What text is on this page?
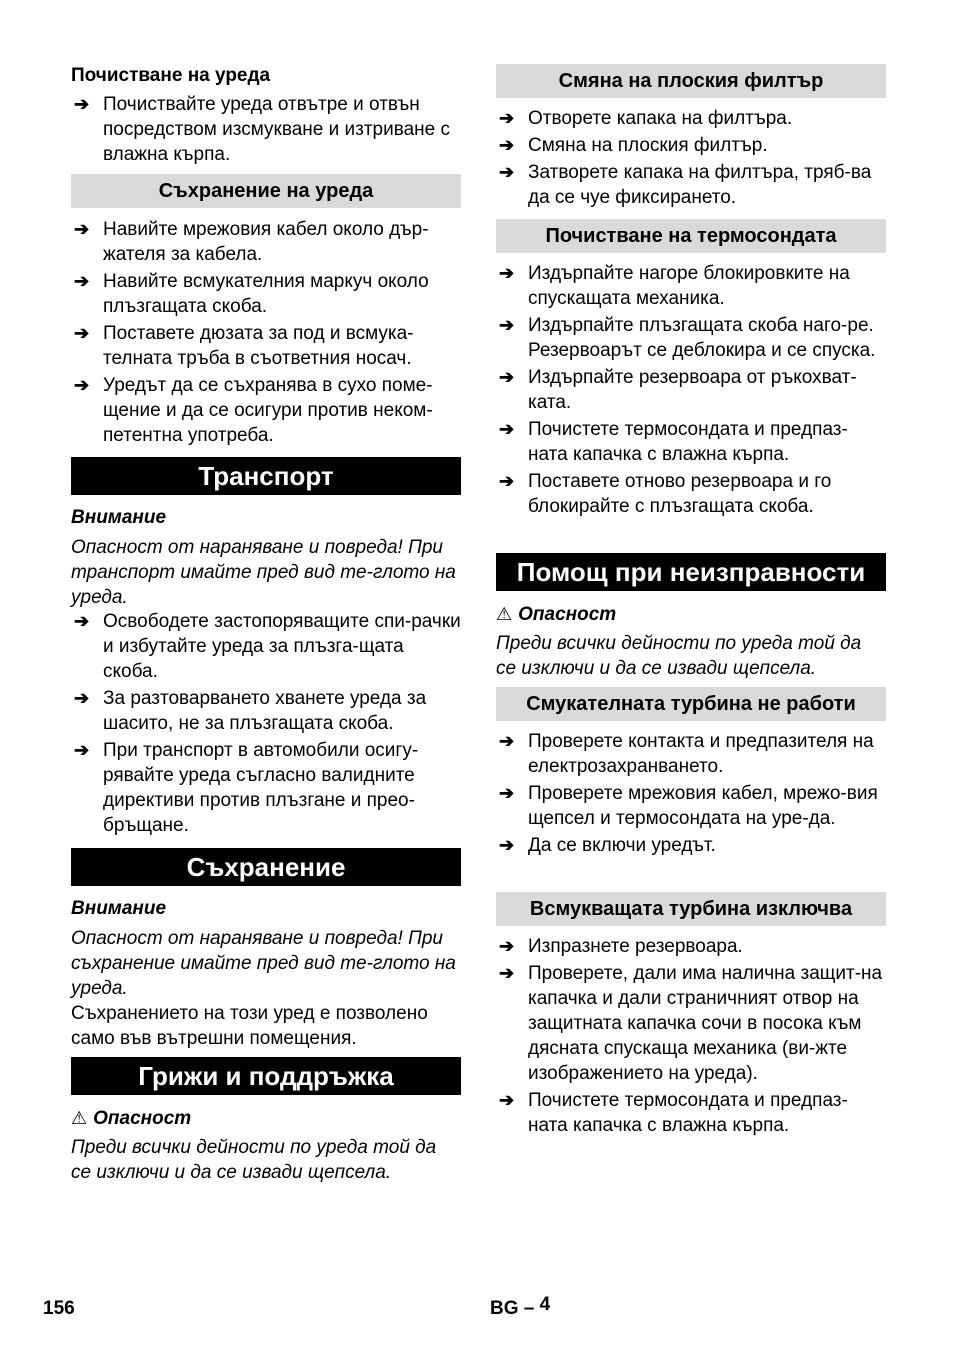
Почистване на уреда
➔ Почиствайте уреда отвътре и отвън посредством изсмукване и изтриване с влажна кърпа.
Съхранение на уреда
➔ Навийте мрежовия кабел около дър-жателя за кабела.
➔ Навийте всмукателния маркуч около плъзгащата скоба.
➔ Поставете дюзата за под и всмука-телната тръба в съответния носач.
➔ Уредът да се съхранява в сухо поме-щение и да се осигури против неком-петентна употреба.
Транспорт
Внимание
Опасност от нараняване и повреда! При транспорт имайте пред вид те-глото на уреда.
➔ Освободете застопоряващите спи-рачки и избутайте уреда за плъзга-щата скоба.
➔ За разтоварването хванете уреда за шасито, не за плъзгащата скоба.
➔ При транспорт в автомобили осигу-рявайте уреда съгласно валидните директиви против плъзгане и прео-бръщане.
Съхранение
Внимание
Опасност от нараняване и повреда! При съхранение имайте пред вид те-глото на уреда.
Съхранението на този уред е позволено само във вътрешни помещения.
Грижи и поддръжка
⚠ Опасност
Преди всички дейности по уреда той да се изключи и да се извади щепсела.
Смяна на плоския филтър
➔ Отворете капака на филтъра.
➔ Смяна на плоския филтър.
➔ Затворете капака на филтъра, тряб-ва да се чуе фиксирането.
Почистване на термосондата
➔ Издърпайте нагоре блокировките на спускащата механика.
➔ Издърпайте плъзгащата скоба наго-ре. Резервоарът се деблокира и се спуска.
➔ Издърпайте резервоара от ръкохват-ката.
➔ Почистете термосондата и предпаз-ната капачка с влажна кърпа.
➔ Поставете отново резервоара и го блокирайте с плъзгащата скоба.
Помощ при неизправности
⚠ Опасност
Преди всички дейности по уреда той да се изключи и да се извади щепсела.
Смукателната турбина не работи
➔ Проверете контакта и предпазителя на електрозахранването.
➔ Проверете мрежовия кабел, мрежо-вия щепсел и термосондата на уре-да.
➔ Да се включи уредът.
Всмукващата турбина изключва
➔ Изпразнете резервоара.
➔ Проверете, дали има налична защит-на капачка и дали страничният отвор на защитната капачка сочи в посока към дясната спускаща механика (ви-жте изображението на уреда).
➔ Почистете термосондата и предпаз-ната капачка с влажна кърпа.
156	BG – 4
